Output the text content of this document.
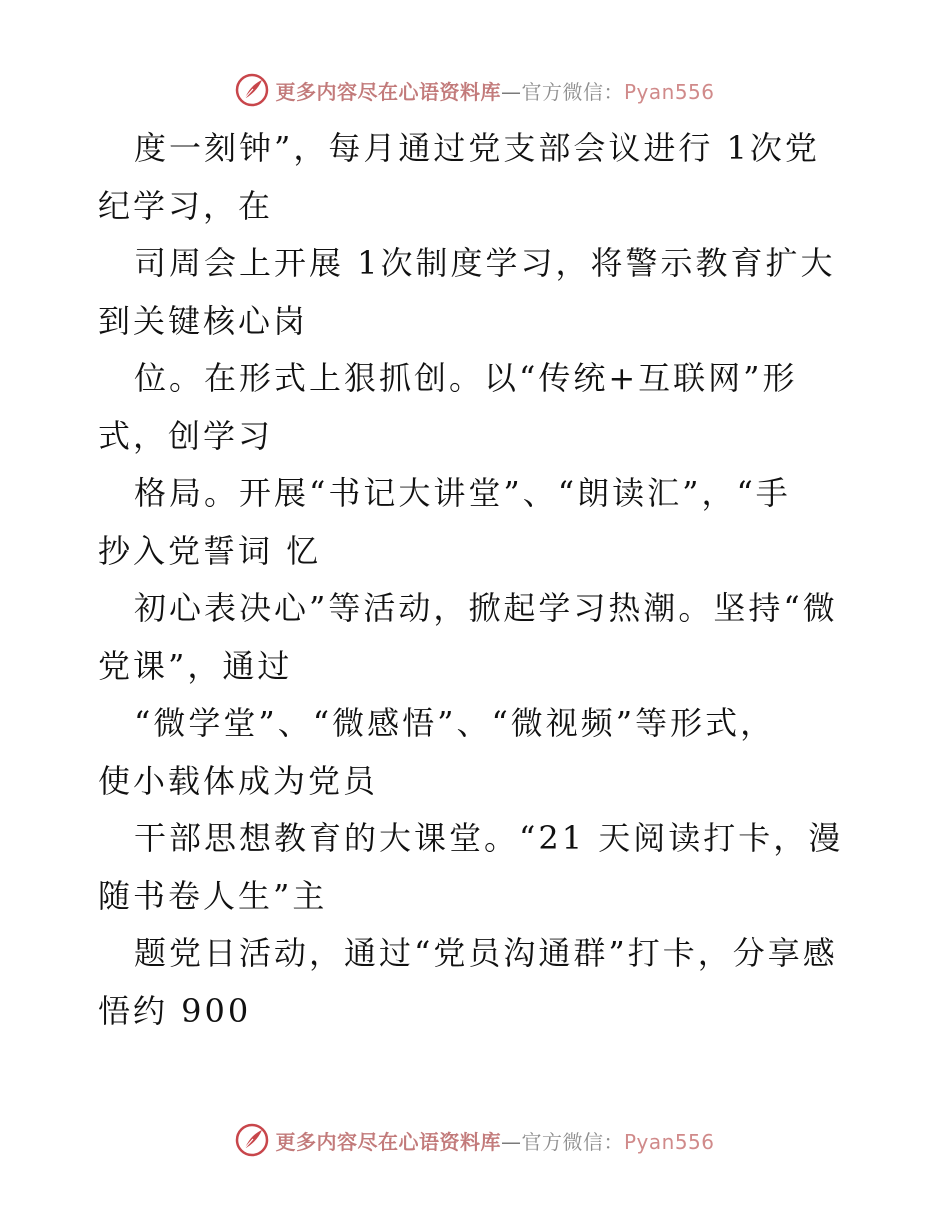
更多内容尽在心语资料库—官方微信：Pyan556
度一刻钟”，每月通过党支部会议进行 1次党
纪学习，在
司周会上开展 1次制度学习，将警示教育扩大
到关键核心岗
位。在形式上狠抓创。以“传统+互联网”形
式，创学习
格局。开展“书记大讲堂”、“朗读汇”，“手
抄入党誓词 忆
初心表决心”等活动，掀起学习热潮。坚持“微
党课”，通过
“微学堂”、“微感悟”、“微视频”等形式，
使小载体成为党员
干部思想教育的大课堂。“21 天阅读打卡，漫
随书卷人生”主
题党日活动，通过“党员沟通群”打卡，分享感
悟约 900
更多内容尽在心语资料库—官方微信：Pyan556
